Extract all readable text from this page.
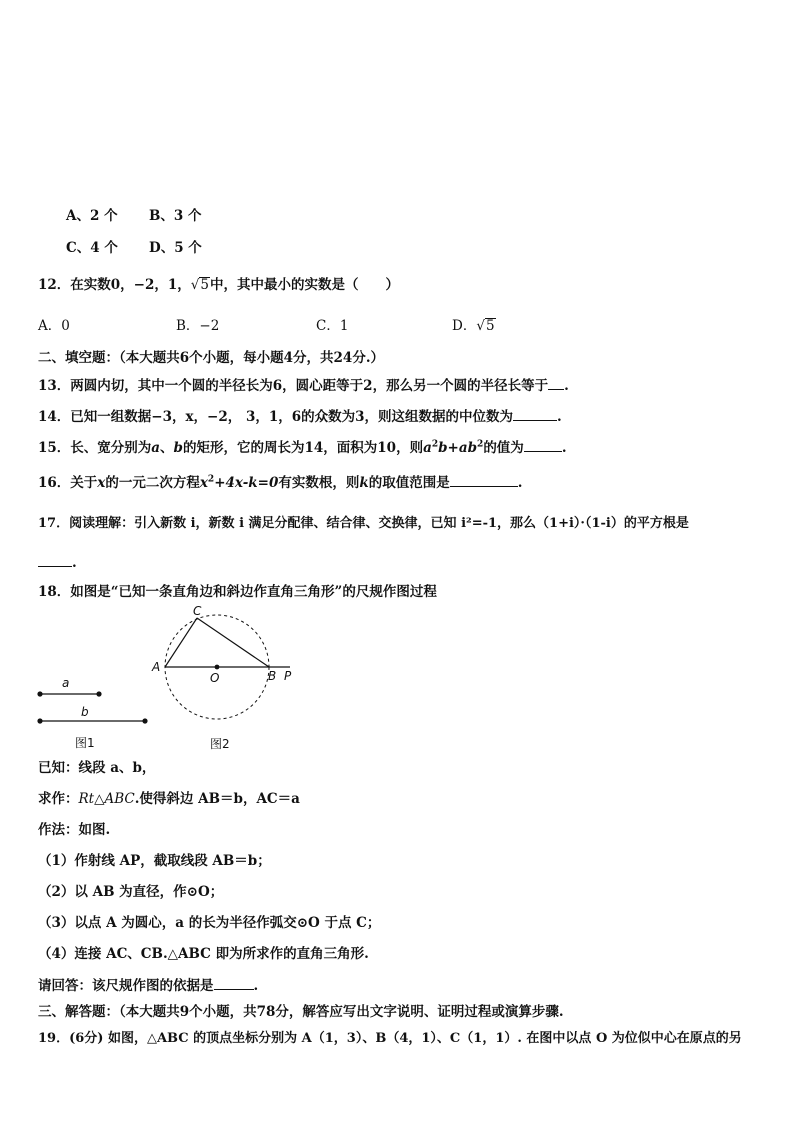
A、2 个 B、3 个
C、4 个 D、5 个
12．在实数0，−2，1，√5中，其中最小的实数是（　　）
A．0	B．−2	C．1	D．√5
二、填空题：（本大题共6个小题，每小题4分，共24分.）
13．两圆内切，其中一个圆的半径长为6，圆心距等于2，那么另一个圆的半径长等于 .
14．已知一组数据−3，x，−2， 3，1，6的众数为3，则这组数据的中位数为	.
15．长、宽分别为a、b的矩形，它的周长为14，面积为10，则$a^2b+ab^2$的值为	.
16．关于x的一元二次方程$x^2+4x-k=0$有实数根，则k的取值范围是	.
17．阅读理解：引入新数 i，新数 i 满足分配律、结合律、交换律，已知 i²=-1，那么（1+i）·（1-i）的平方根是
.
18．如图是“已知一条直角边和斜边作直角三角形”的尺规作图过程
a
b
图1
C
A
O	B P
图2
已知：线段 a、b，
求作：Rt△ABC.使得斜边 AB＝b，AC＝a
作法：如图.
（1）作射线 AP，截取线段 AB＝b；
（2）以 AB 为直径，作⊙O；
（3）以点 A 为圆心，a 的长为半径作弧交⊙O 于点 C；
（4）连接 AC、CB.△ABC 即为所求作的直角三角形.
请回答：该尺规作图的依据是	.
三、解答题：（本大题共9个小题，共78分，解答应写出文字说明、证明过程或演算步骤.
19．(6分) 如图，△ABC 的顶点坐标分别为 A（1，3）、B（4，1）、C（1，1）. 在图中以点 O 为位似中心在原点的另
